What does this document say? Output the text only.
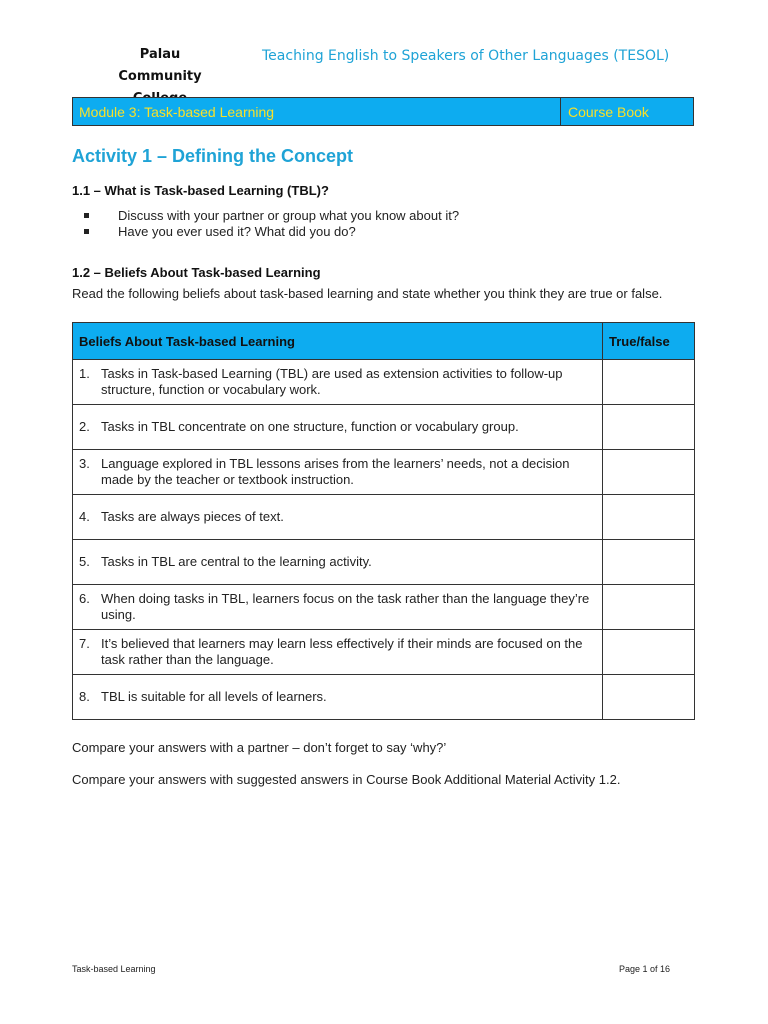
Palau Community
Teaching English to Speakers of Other Languages (TESOL)
Module 3: Task-based Learning	Course Book
Activity 1 – Defining the Concept
1.1 – What is Task-based Learning (TBL)?
Discuss with your partner or group what you know about it?
Have you ever used it? What did you do?
1.2 – Beliefs About Task-based Learning

Read the following beliefs about task-based learning and state whether you think they are true or false.

Beliefs About Task-based Learning	True/false

1. Tasks in Task-based Learning (TBL) are used as extension activities to follow-up structure, function or vocabulary work.	

2. Tasks in TBL concentrate on one structure, function or vocabulary group.	

3. Language explored in TBL lessons arises from the learners’ needs, not a decision made by the teacher or textbook instruction.	

4. Tasks are always pieces of text.	

5. Tasks in TBL are central to the learning activity.	

6. When doing tasks in TBL, learners focus on the task rather than the language they’re using.	

7. It’s believed that learners may learn less effectively if their minds are focused on the task rather than the language.	

8. TBL is suitable for all levels of learners.	

Compare your answers with a partner – don’t forget to say ‘why?’

Compare your answers with suggested answers in Course Book Additional Material Activity 1.2.

Task-based Learning	Page 1 of 16
